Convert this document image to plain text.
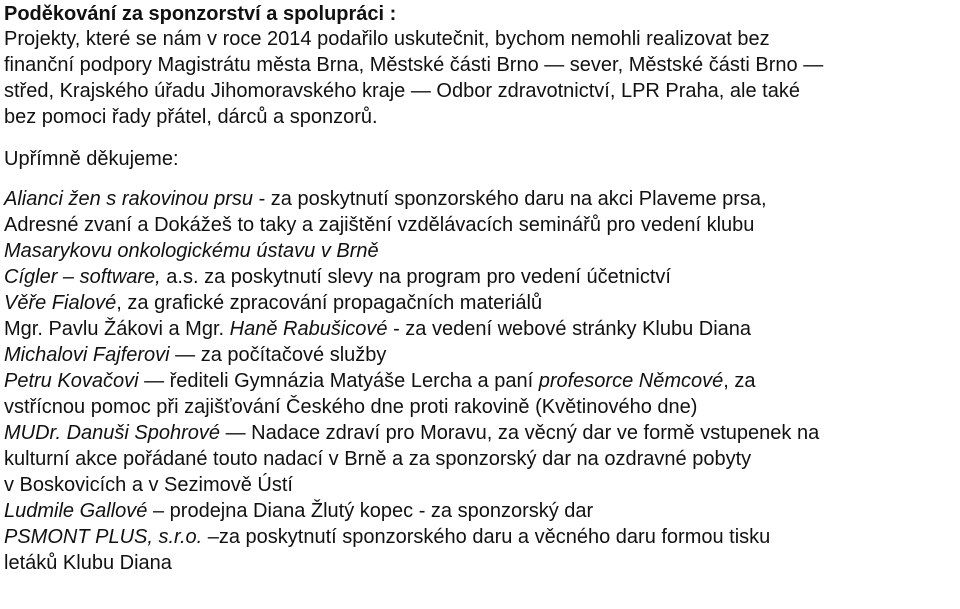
Poděkování za sponzorství a spolupráci :

Projekty, které se nám v roce 2014 podařilo uskutečnit, bychom nemohli realizovat bez

finanční podpory Magistrátu města Brna, Městské části Brno — sever, Městské části Brno —

střed, Krajského úřadu Jihomoravského kraje — Odbor zdravotnictví, LPR Praha, ale také

bez pomoci řady přátel, dárců a sponzorů.

Upřímně děkujeme:

Alianci žen s rakovinou prsu - za poskytnutí sponzorského daru na akci Plaveme prsa,

Adresné zvaní a Dokážeš to taky a zajištění vzdělávacích seminářů pro vedení klubu

Masarykovu onkologickému ústavu v Brně

Cígler – software, a.s. za poskytnutí slevy na program pro vedení účetnictví

Věře Fialové, za grafické zpracování propagačních materiálů

Mgr. Pavlu Žákovi a Mgr. Haně Rabušicové - za vedení webové stránky Klubu Diana

Michalovi Fajferovi — za počítačové služby

Petru Kovačovi — řediteli Gymnázia Matyáše Lercha a paní profesorce Němcové, za

vstřícnou pomoc při zajišťování Českého dne proti rakovině (Květinového dne)

MUDr. Danuši Spohrové — Nadace zdraví pro Moravu, za věcný dar ve formě vstupenek na

kulturní akce pořádané touto nadací v Brně a za sponzorský dar na ozdravné pobyty

v Boskovicích a v Sezimově Ústí

Ludmile Gallové – prodejna Diana Žlutý kopec - za sponzorský dar

PSMONT PLUS, s.r.o. –za poskytnutí sponzorského daru a věcného daru formou tisku

letáků Klubu Diana
